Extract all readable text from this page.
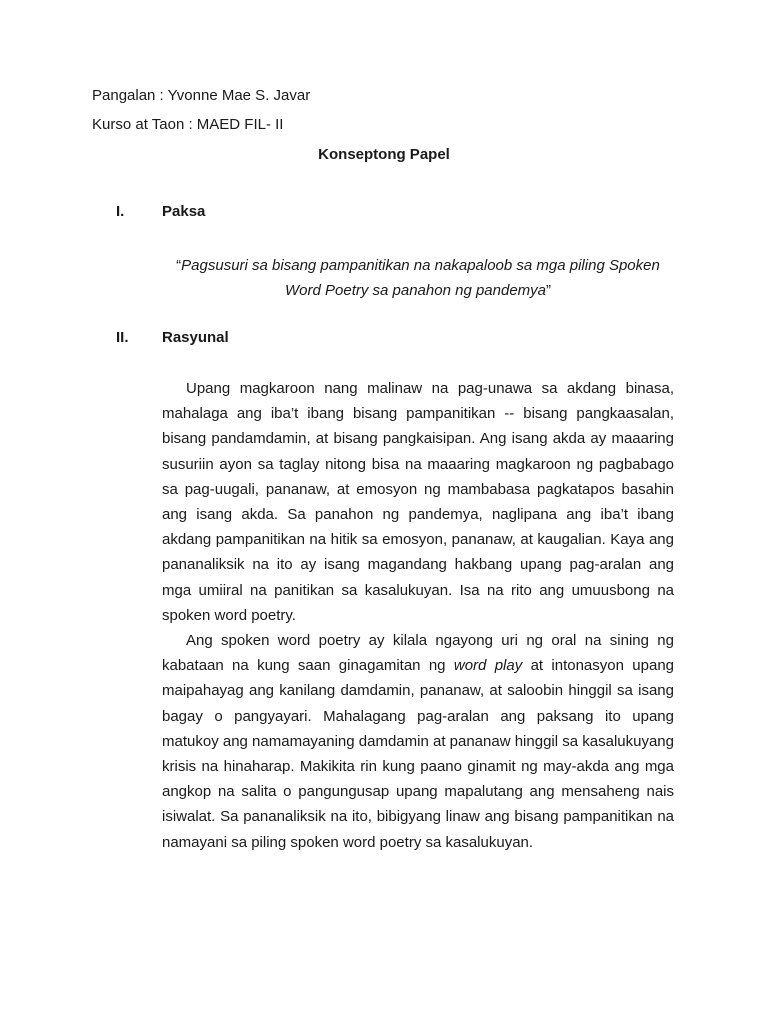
Pangalan : Yvonne Mae S. Javar
Kurso at Taon : MAED FIL- II
Konseptong Papel
I.	Paksa
“Pagsusuri sa bisang pampanitikan na nakapaloob sa mga piling Spoken Word Poetry sa panahon ng pandemya”
II. Rasyunal

Upang magkaroon nang malinaw na pag-unawa sa akdang binasa, mahalaga ang iba’t ibang bisang pampanitikan -- bisang pangkaasalan, bisang pandamdamin, at bisang pangkaisipan. Ang isang akda ay maaaring susuriin ayon sa taglay nitong bisa na maaaring magkaroon ng pagbabago sa pag-uugali, pananaw, at emosyon ng mambabasa pagkatapos basahin ang isang akda. Sa panahon ng pandemya, naglipana ang iba’t ibang akdang pampanitikan na hitik sa emosyon, pananaw, at kaugalian. Kaya ang pananaliksik na ito ay isang magandang hakbang upang pag-aralan ang mga umiiral na panitikan sa kasalukuyan. Isa na rito ang umuusbong na spoken word poetry.

Ang spoken word poetry ay kilala ngayong uri ng oral na sining ng kabataan na kung saan ginagamitan ng word play at intonasyon upang maipahayag ang kanilang damdamin, pananaw, at saloobin hinggil sa isang bagay o pangyayari. Mahalagang pag-aralan ang paksang ito upang matukoy ang namamayaning damdamin at pananaw hinggil sa kasalukuyang krisis na hinaharap. Makikita rin kung paano ginamit ng may-akda ang mga angkop na salita o pangungusap upang mapalutang ang mensaheng nais isiwalat. Sa pananaliksik na ito, bibigyang linaw ang bisang pampanitikan na namayani sa piling spoken word poetry sa kasalukuyan.
